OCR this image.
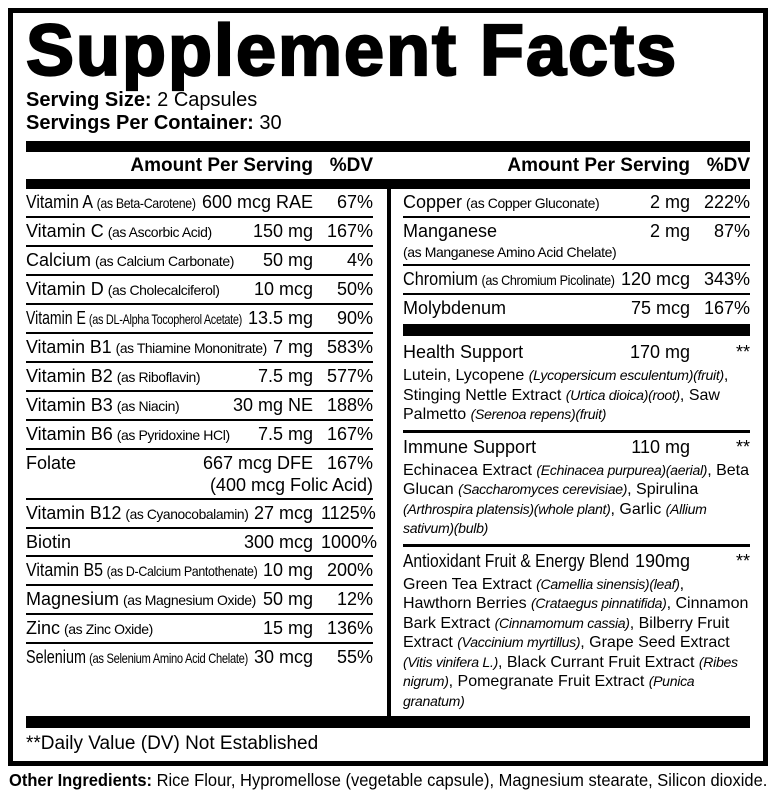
Supplement Facts
Serving Size: 2 Capsules
Servings Per Container: 30
Amount Per Serving %DV	Amount Per Serving %DV
Vitamin A (as Beta-Carotene) 600 mcg RAE	67%
Vitamin C (as Ascorbic Acid)	150 mg 167%
Calcium (as Calcium Carbonate)	50 mg	4%
Vitamin D (as Cholecalciferol)	10 mcg	50%
Vitamin E (as DL-Alpha Tocopherol Acetate) 13.5 mg	90%
Vitamin B1 (as Thiamine Mononitrate) 7 mg 583%
Vitamin B2 (as Riboflavin)	7.5 mg 577%
Vitamin B3 (as Niacin)	30 mg NE 188%
Vitamin B6 (as Pyridoxine HCl)	7.5 mg 167%
Folate	667 mcg DFE 167%
(400 mcg Folic Acid)
Vitamin B12 (as Cyanocobalamin) 27 mcg 1125%
Biotin	300 mcg 1000%
Vitamin B5 (as D-Calcium Pantothenate) 10 mg 200%
Magnesium (as Magnesium Oxide) 50 mg	12%
Zinc (as Zinc Oxide)	15 mg 136%
Selenium (as Selenium Amino Acid Chelate) 30 mcg	55%
Copper (as Copper Gluconate)	2 mg 222%
Manganese	2 mg	87%
(as Manganese Amino Acid Chelate)
Chromium (as Chromium Picolinate) 120 mcg 343%
Molybdenum	75 mcg 167%
Health Support	170 mg	**
Lutein, Lycopene (Lycopersicum esculentum)(fruit), Stinging Nettle Extract (Urtica dioica)(root), Saw Palmetto (Serenoa repens)(fruit)
Immune Support	110 mg	**
Echinacea Extract (Echinacea purpurea)(aerial), Beta Glucan (Saccharomyces cerevisiae), Spirulina (Arthrospira platensis)(whole plant), Garlic (Allium sativum)(bulb)
Antioxidant Fruit & Energy Blend 190mg	**
Green Tea Extract (Camellia sinensis)(leaf), Hawthorn Berries (Crataegus pinnatifida), Cinnamon Bark Extract (Cinnamomum cassia), Bilberry Fruit Extract (Vaccinium myrtillus), Grape Seed Extract (Vitis vinifera L.), Black Currant Fruit Extract (Ribes nigrum), Pomegranate Fruit Extract (Punica granatum)
**Daily Value (DV) Not Established
Other Ingredients: Rice Flour, Hypromellose (vegetable capsule), Magnesium stearate, Silicon dioxide.
